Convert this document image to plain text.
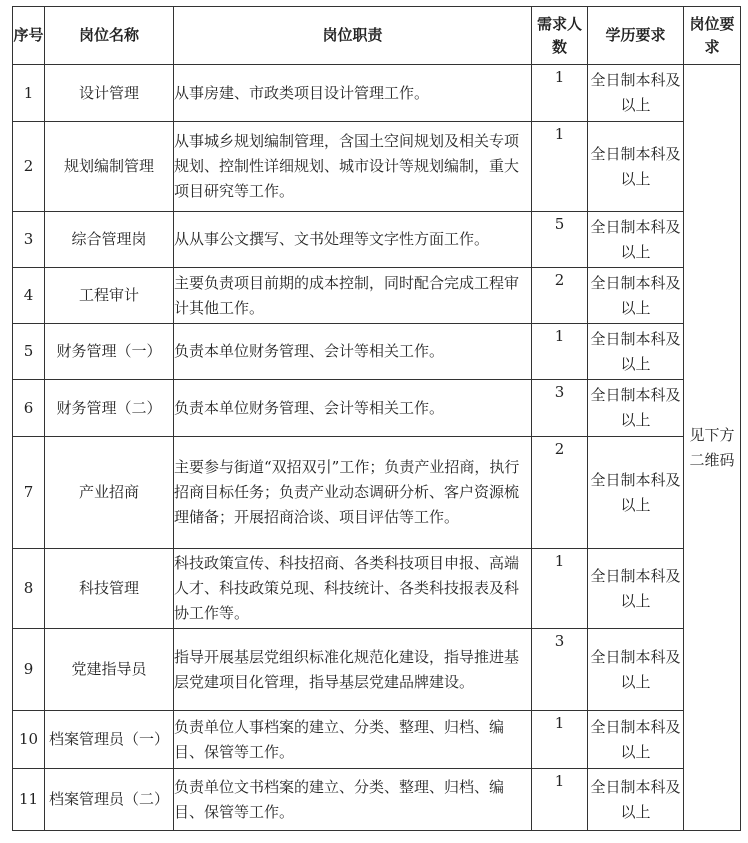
序号	岗位名称	岗位职责	需求人数	学历要求	岗位要求
1	设计管理	从事房建、市政类项目设计管理工作。	1	全日制本科及以上	见下方二维码
2	规划编制管理	从事城乡规划编制管理，含国土空间规划及相关专项规划、控制性详细规划、城市设计等规划编制，重大项目研究等工作。	1	全日制本科及以上	
3	综合管理岗	从从事公文撰写、文书处理等文字性方面工作。	5	全日制本科及以上	
4	工程审计	主要负责项目前期的成本控制，同时配合完成工程审计其他工作。	2	全日制本科及以上	
5	财务管理（一）	负责本单位财务管理、会计等相关工作。	1	全日制本科及以上	
6	财务管理（二）	负责本单位财务管理、会计等相关工作。	3	全日制本科及以上	
7	产业招商	主要参与街道“双招双引”工作；负责产业招商，执行招商目标任务；负责产业动态调研分析、客户资源梳理储备；开展招商洽谈、项目评估等工作。	2	全日制本科及以上	
8	科技管理	科技政策宣传、科技招商、各类科技项目申报、高端人才、科技政策兑现、科技统计、各类科技报表及科协工作等。	1	全日制本科及以上	
9	党建指导员	指导开展基层党组织标准化规范化建设，指导推进基层党建项目化管理，指导基层党建品牌建设。	3	全日制本科及以上	
10	档案管理员（一）	负责单位人事档案的建立、分类、整理、归档、编目、保管等工作。	1	全日制本科及以上	
11	档案管理员（二）	负责单位文书档案的建立、分类、整理、归档、编目、保管等工作。	1	全日制本科及以上	
